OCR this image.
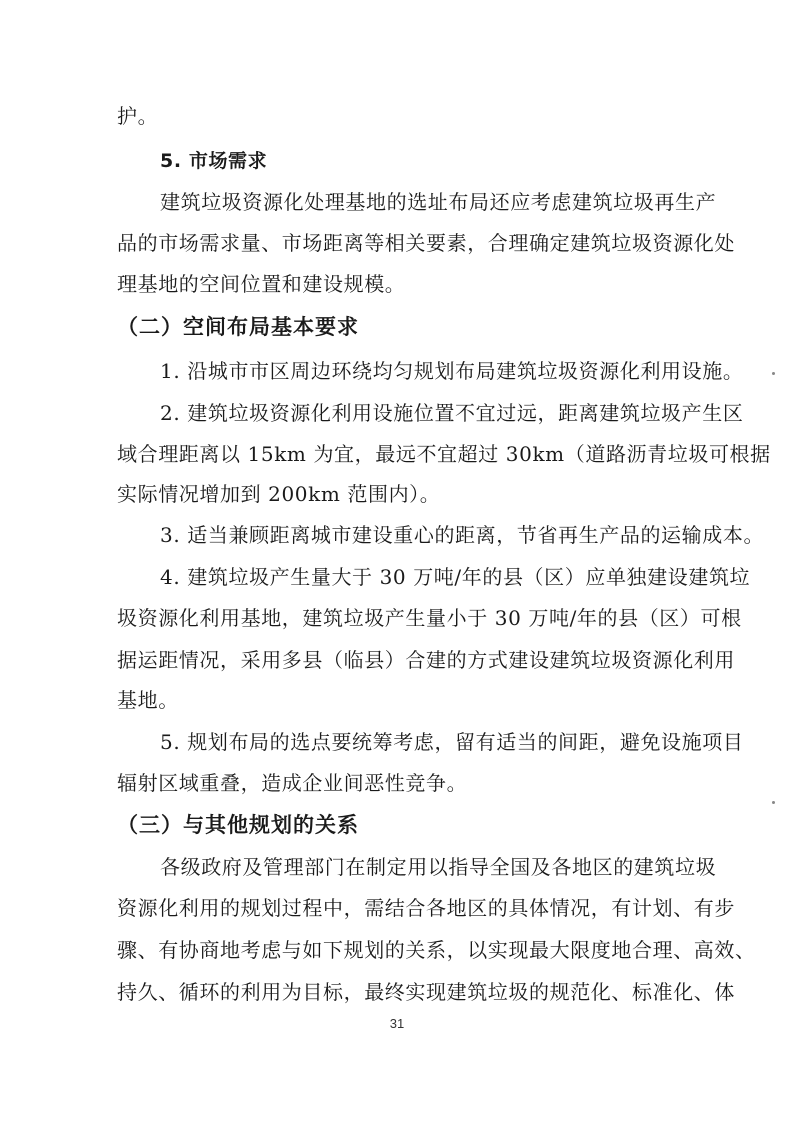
护。
5. 市场需求
建筑垃圾资源化处理基地的选址布局还应考虑建筑垃圾再生产
品的市场需求量、市场距离等相关要素，合理确定建筑垃圾资源化处
理基地的空间位置和建设规模。
（二）空间布局基本要求
1. 沿城市市区周边环绕均匀规划布局建筑垃圾资源化利用设施。
2. 建筑垃圾资源化利用设施位置不宜过远，距离建筑垃圾产生区
域合理距离以 15km 为宜，最远不宜超过 30km（道路沥青垃圾可根据
实际情况增加到 200km 范围内）。
3. 适当兼顾距离城市建设重心的距离，节省再生产品的运输成本。
4. 建筑垃圾产生量大于 30 万吨/年的县（区）应单独建设建筑垃
圾资源化利用基地，建筑垃圾产生量小于 30 万吨/年的县（区）可根
据运距情况，采用多县（临县）合建的方式建设建筑垃圾资源化利用
基地。
5. 规划布局的选点要统筹考虑，留有适当的间距，避免设施项目
辐射区域重叠，造成企业间恶性竞争。
（三）与其他规划的关系
各级政府及管理部门在制定用以指导全国及各地区的建筑垃圾
资源化利用的规划过程中，需结合各地区的具体情况，有计划、有步
骤、有协商地考虑与如下规划的关系，以实现最大限度地合理、高效、
持久、循环的利用为目标，最终实现建筑垃圾的规范化、标准化、体
31
